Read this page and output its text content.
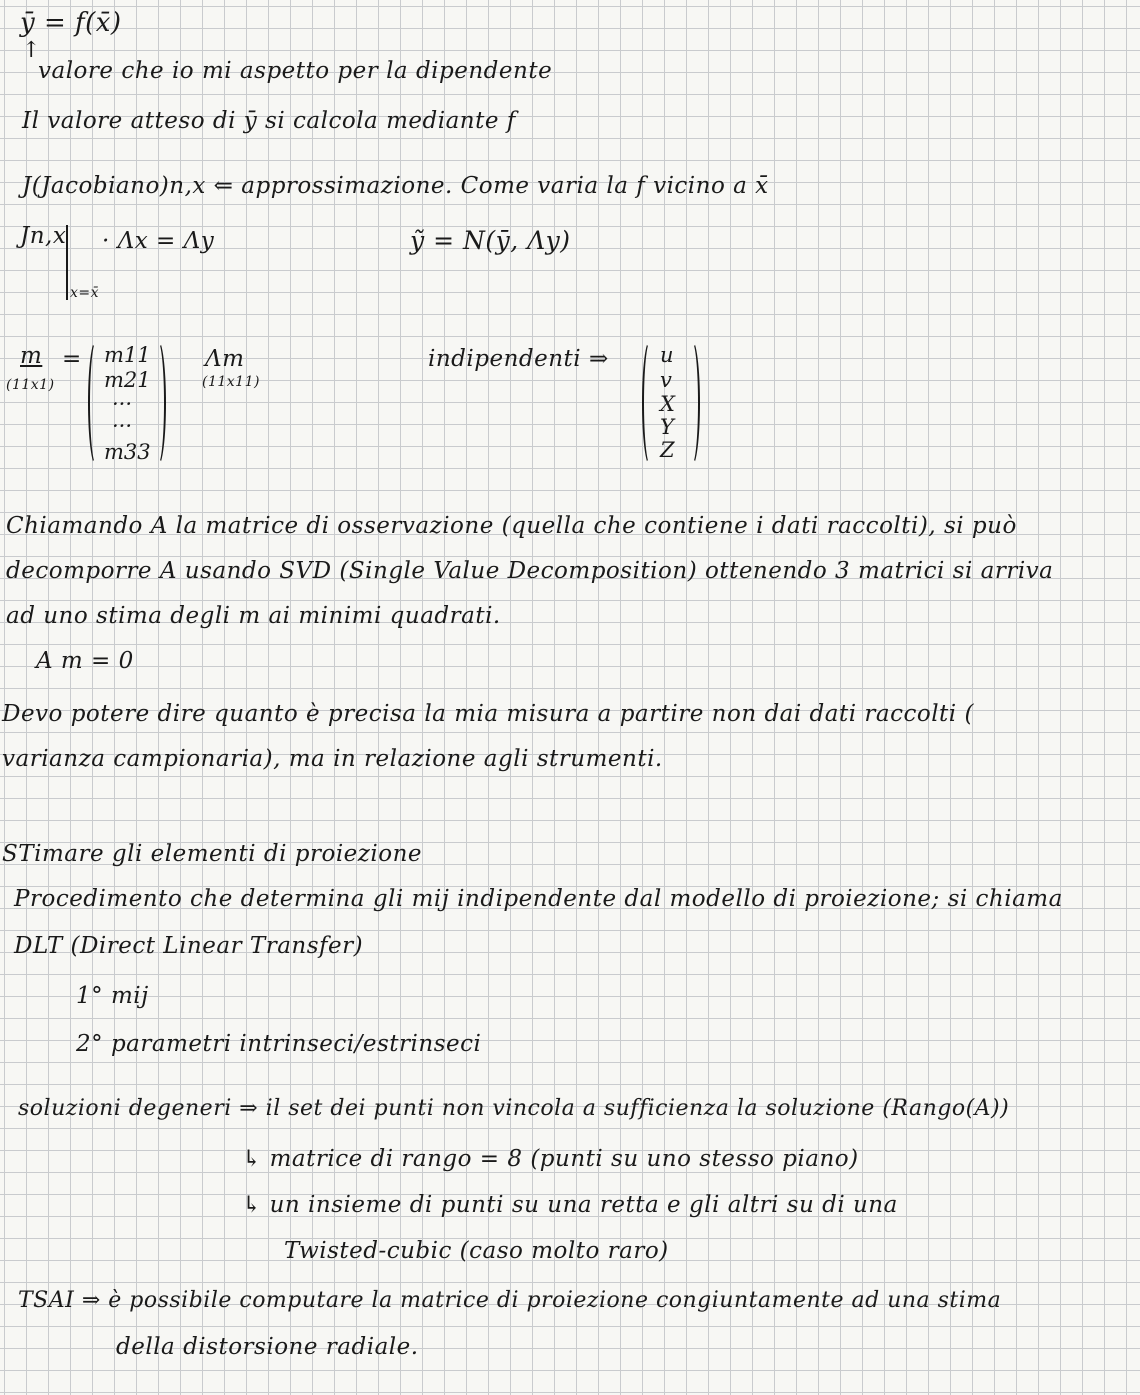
ȳ = f(x̄)
↑
valore che io mi aspetto per la dipendente
Il valore atteso di ȳ si calcola mediante f
J(Jacobiano)n,x ⇐ approssimazione. Come varia la f vicino a x̄
Jn,x · Λx = Λy
x=x̄
ỹ = N(ȳ, Λy)
m
(11x1)
= m11
m21
···
···
m33
Λm
(11x11)
indipendenti ⇒ u
v
X
Y
Z
Chiamando A la matrice di osservazione (quella che contiene i dati raccolti), si può
decomporre A usando SVD (Single Value Decomposition) ottenendo 3 matrici si arriva
ad uno stima degli m ai minimi quadrati.
A m = 0
Devo potere dire quanto è precisa la mia misura a partire non dai dati raccolti (
varianza campionaria), ma in relazione agli strumenti.
STimare gli elementi di proiezione
Procedimento che determina gli mij indipendente dal modello di proiezione; si chiama
DLT (Direct Linear Transfer)
1° mij
2° parametri intrinseci/estrinseci
soluzioni degeneri ⇒ il set dei punti non vincola a sufficienza la soluzione (Rango(A))
↳ matrice di rango = 8 (punti su uno stesso piano)
↳ un insieme di punti su una retta e gli altri su di una
Twisted-cubic (caso molto raro)
TSAI ⇒ è possibile computare la matrice di proiezione congiuntamente ad una stima
della distorsione radiale.
